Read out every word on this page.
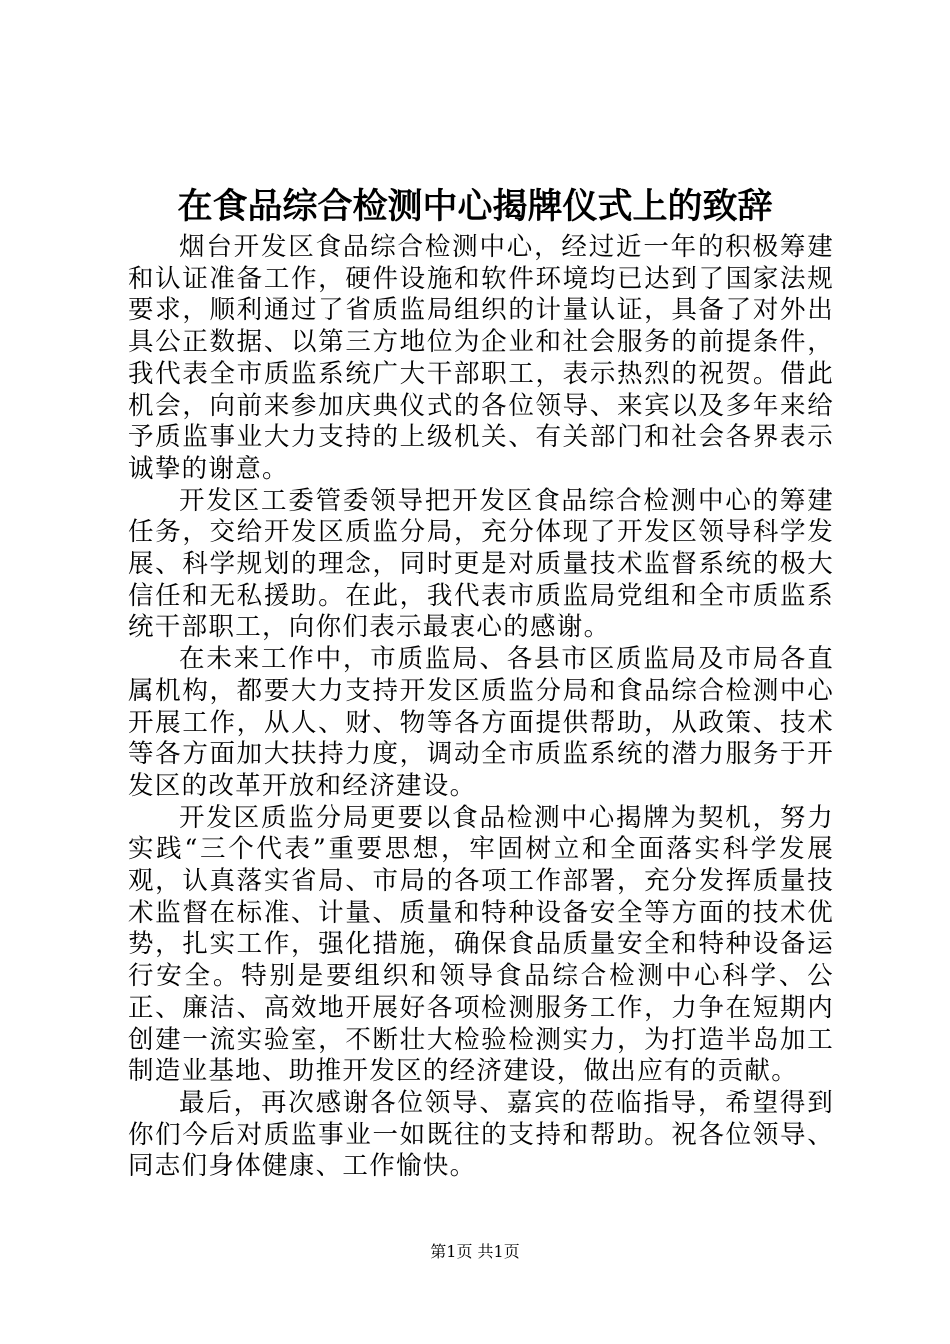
在食品综合检测中心揭牌仪式上的致辞

烟台开发区食品综合检测中心，经过近一年的积极筹建和认证准备工作，硬件设施和软件环境均已达到了国家法规要求，顺利通过了省质监局组织的计量认证，具备了对外出具公正数据、以第三方地位为企业和社会服务的前提条件，我代表全市质监系统广大干部职工，表示热烈的祝贺。借此机会，向前来参加庆典仪式的各位领导、来宾以及多年来给予质监事业大力支持的上级机关、有关部门和社会各界表示诚挚的谢意。

开发区工委管委领导把开发区食品综合检测中心的筹建任务，交给开发区质监分局，充分体现了开发区领导科学发展、科学规划的理念，同时更是对质量技术监督系统的极大信任和无私援助。在此，我代表市质监局党组和全市质监系统干部职工，向你们表示最衷心的感谢。

在未来工作中，市质监局、各县市区质监局及市局各直属机构，都要大力支持开发区质监分局和食品综合检测中心开展工作，从人、财、物等各方面提供帮助，从政策、技术等各方面加大扶持力度，调动全市质监系统的潜力服务于开发区的改革开放和经济建设。

开发区质监分局更要以食品检测中心揭牌为契机，努力实践“三个代表”重要思想，牢固树立和全面落实科学发展观，认真落实省局、市局的各项工作部署，充分发挥质量技术监督在标准、计量、质量和特种设备安全等方面的技术优势，扎实工作，强化措施，确保食品质量安全和特种设备运行安全。特别是要组织和领导食品综合检测中心科学、公正、廉洁、高效地开展好各项检测服务工作，力争在短期内创建一流实验室，不断壮大检验检测实力，为打造半岛加工制造业基地、助推开发区的经济建设，做出应有的贡献。

最后，再次感谢各位领导、嘉宾的莅临指导，希望得到你们今后对质监事业一如既往的支持和帮助。祝各位领导、同志们身体健康、工作愉快。

第1页 共1页
